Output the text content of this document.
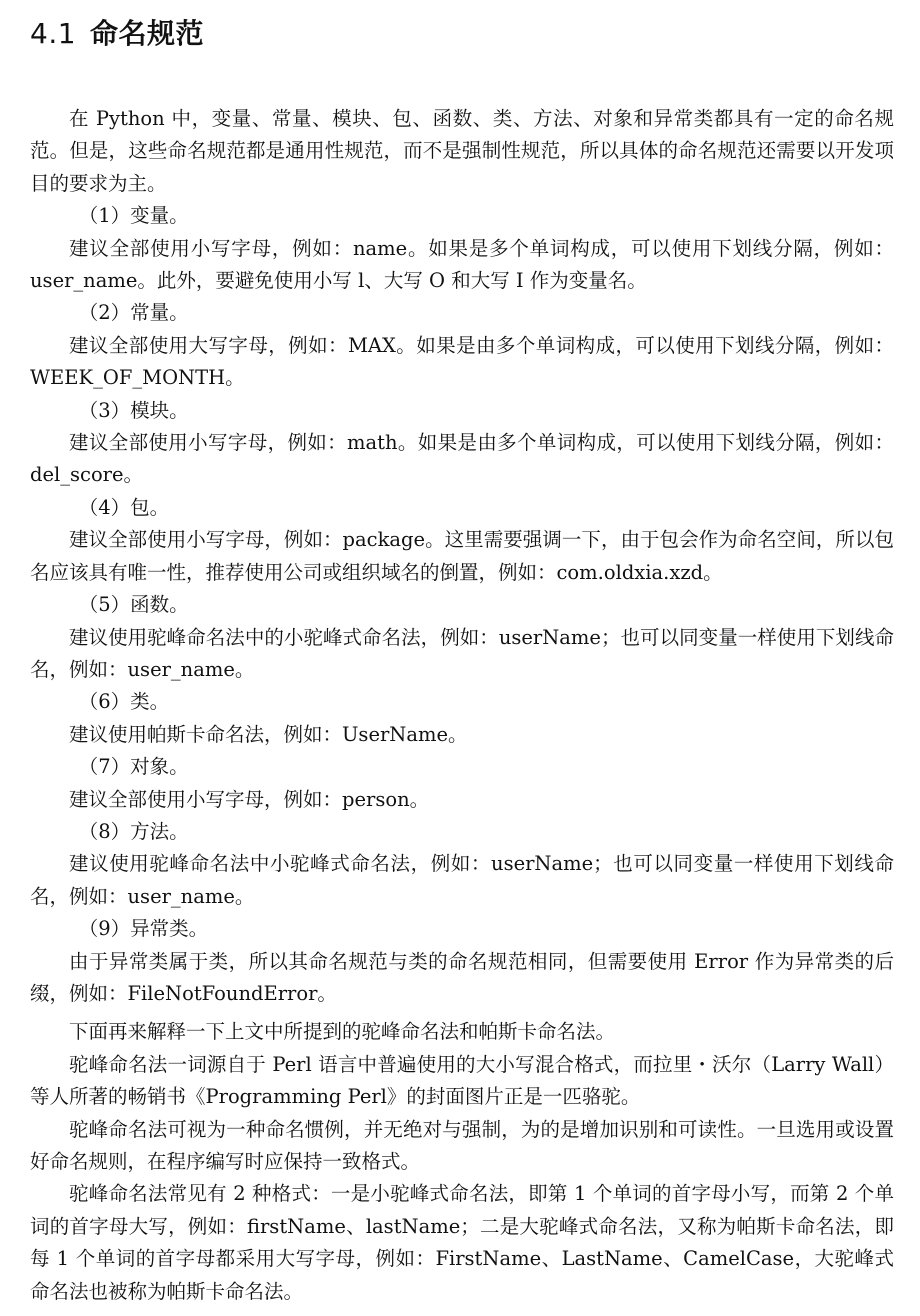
4.1 命名规范

在 Python 中，变量、常量、模块、包、函数、类、方法、对象和异常类都具有一定的命名规范。但是，这些命名规范都是通用性规范，而不是强制性规范，所以具体的命名规范还需要以开发项目的要求为主。

（1）变量。

建议全部使用小写字母，例如：name。如果是多个单词构成，可以使用下划线分隔，例如：user_name。此外，要避免使用小写 l、大写 O 和大写 I 作为变量名。

（2）常量。

建议全部使用大写字母，例如：MAX。如果是由多个单词构成，可以使用下划线分隔，例如：WEEK_OF_MONTH。

（3）模块。

建议全部使用小写字母，例如：math。如果是由多个单词构成，可以使用下划线分隔，例如：del_score。

（4）包。

建议全部使用小写字母，例如：package。这里需要强调一下，由于包会作为命名空间，所以包名应该具有唯一性，推荐使用公司或组织域名的倒置，例如：com.oldxia.xzd。

（5）函数。

建议使用驼峰命名法中的小驼峰式命名法，例如：userName；也可以同变量一样使用下划线命名，例如：user_name。

（6）类。

建议使用帕斯卡命名法，例如：UserName。

（7）对象。

建议全部使用小写字母，例如：person。

（8）方法。

建议使用驼峰命名法中小驼峰式命名法，例如：userName；也可以同变量一样使用下划线命名，例如：user_name。

（9）异常类。

由于异常类属于类，所以其命名规范与类的命名规范相同，但需要使用 Error 作为异常类的后缀，例如：FileNotFoundError。

下面再来解释一下上文中所提到的驼峰命名法和帕斯卡命名法。

驼峰命名法一词源自于 Perl 语言中普遍使用的大小写混合格式，而拉里・沃尔（Larry Wall）等人所著的畅销书《Programming Perl》的封面图片正是一匹骆驼。

驼峰命名法可视为一种命名惯例，并无绝对与强制，为的是增加识别和可读性。一旦选用或设置好命名规则，在程序编写时应保持一致格式。

驼峰命名法常见有 2 种格式：一是小驼峰式命名法，即第 1 个单词的首字母小写，而第 2 个单词的首字母大写，例如：firstName、lastName；二是大驼峰式命名法，又称为帕斯卡命名法，即每 1 个单词的首字母都采用大写字母，例如：FirstName、LastName、CamelCase，大驼峰式命名法也被称为帕斯卡命名法。
